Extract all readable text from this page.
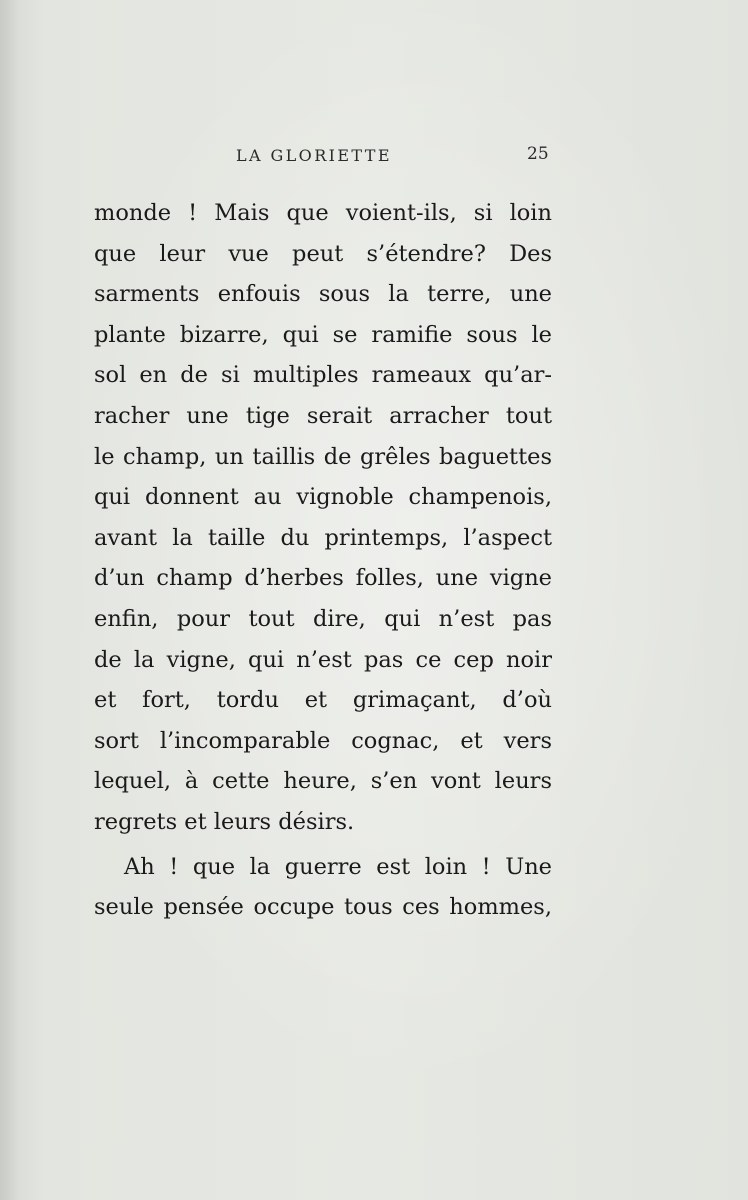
LA GLORIETTE	25
monde ! Mais que voient-ils, si loin
que leur vue peut s’étendre? Des
sarments enfouis sous la terre, une
plante bizarre, qui se ramifie sous le
sol en de si multiples rameaux qu’ar-
racher une tige serait arracher tout
le champ, un taillis de grêles baguettes
qui donnent au vignoble champenois,
avant la taille du printemps, l’aspect
d’un champ d’herbes folles, une vigne
enfin, pour tout dire, qui n’est pas
de la vigne, qui n’est pas ce cep noir
et fort, tordu et grimaçant, d’où
sort l’incomparable cognac, et vers
lequel, à cette heure, s’en vont leurs
regrets et leurs désirs.
Ah ! que la guerre est loin ! Une
seule pensée occupe tous ces hommes,
